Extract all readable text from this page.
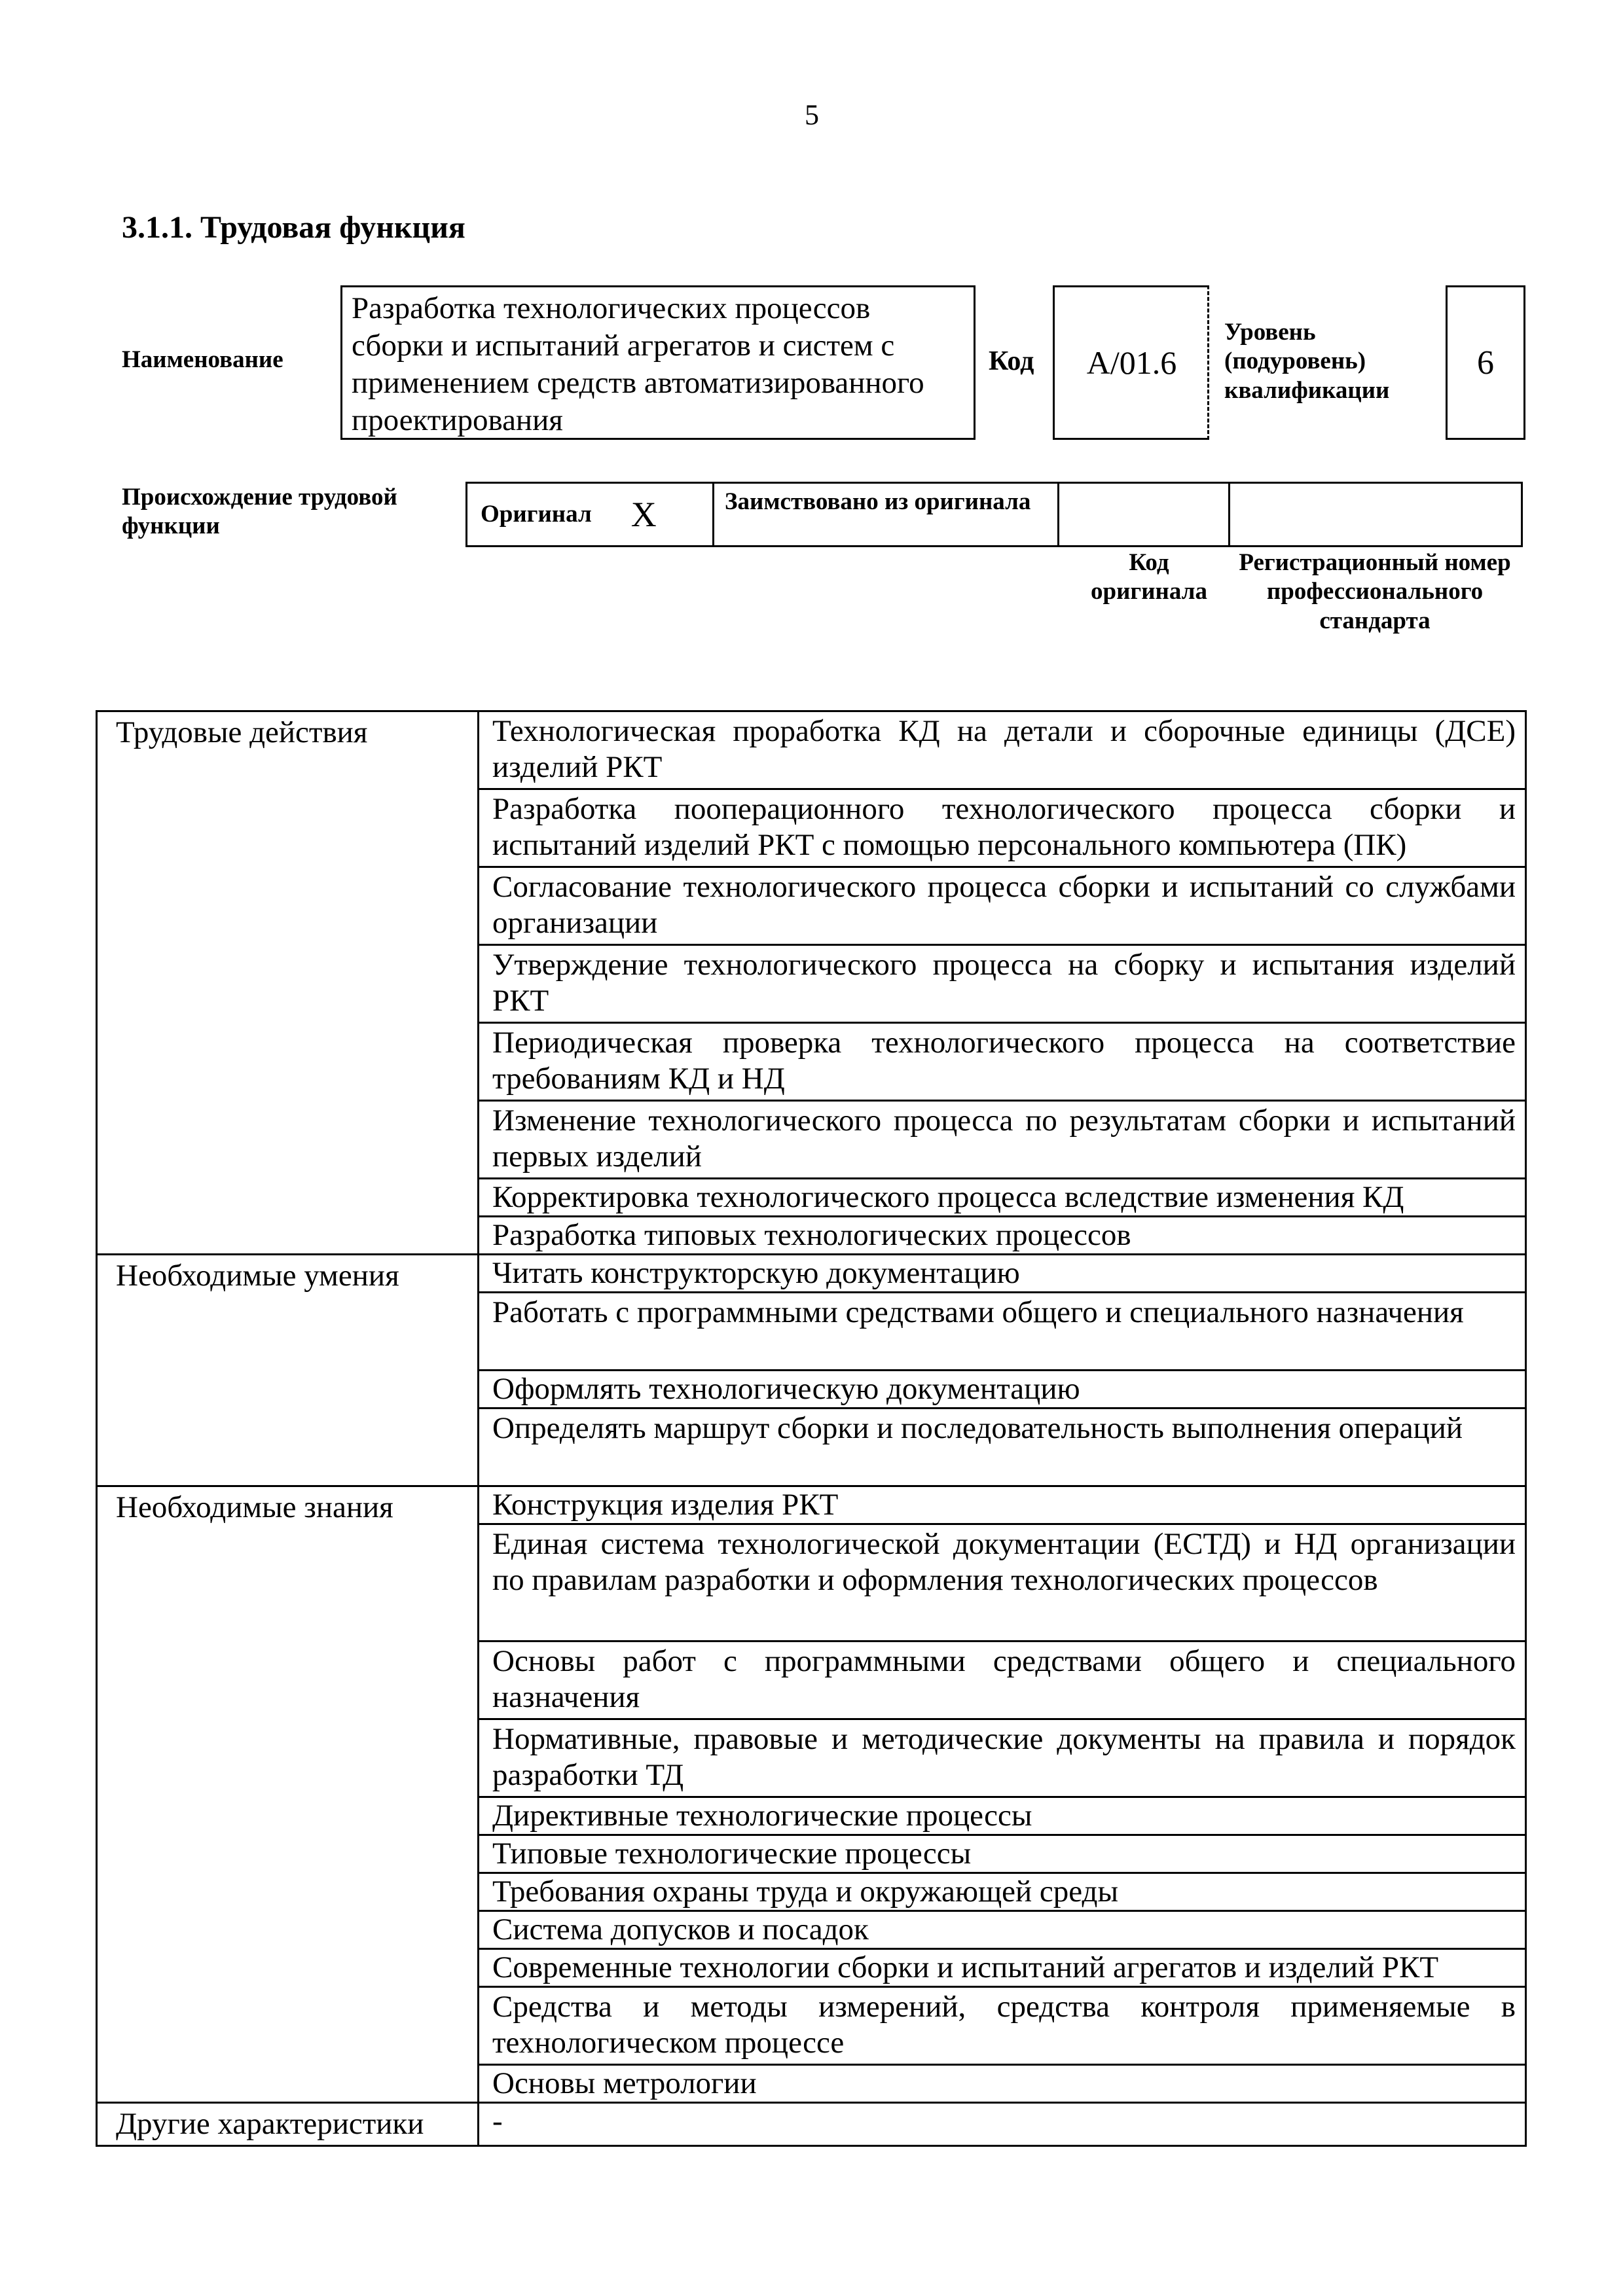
5
3.1.1. Трудовая функция
Наименование
Разработка технологических процессов сборки и испытаний агрегатов и систем с применением средств автоматизированного проектирования
Код А/01.6
Уровень
(подуровень)
квалификации
6
Происхождение трудовой функции	Оригинал X	Заимствовано из оригинала
Код оригинала
Регистрационный номер профессионального стандарта
Трудовые действия	Технологическая проработка КД на детали и сборочные единицы (ДСЕ) изделий РКТ
	Разработка пооперационного технологического процесса сборки и испытаний изделий РКТ с помощью персонального компьютера (ПК)
	Согласование технологического процесса сборки и испытаний со службами организации
	Утверждение технологического процесса на сборку и испытания изделий РКТ
	Периодическая проверка технологического процесса на соответствие требованиям КД и НД
	Изменение технологического процесса по результатам сборки и испытаний первых изделий
	Корректировка технологического процесса вследствие изменения КД
	Разработка типовых технологических процессов
Необходимые умения	Читать конструкторскую документацию
	Работать с программными средствами общего и специального назначения
	Оформлять технологическую документацию
	Определять маршрут сборки и последовательность выполнения операций
Необходимые знания	Конструкция изделия РКТ
	Единая система технологической документации (ЕСТД) и НД организации по правилам разработки и оформления технологических процессов
	Основы работ с программными средствами общего и специального назначения
	Нормативные, правовые и методические документы на правила и порядок разработки ТД
	Директивные технологические процессы
	Типовые технологические процессы
	Требования охраны труда и окружающей среды
	Система допусков и посадок
	Современные технологии сборки и испытаний агрегатов и изделий РКТ
	Средства и методы измерений, средства контроля применяемые в технологическом процессе
	Основы метрологии
Другие характеристики	-
